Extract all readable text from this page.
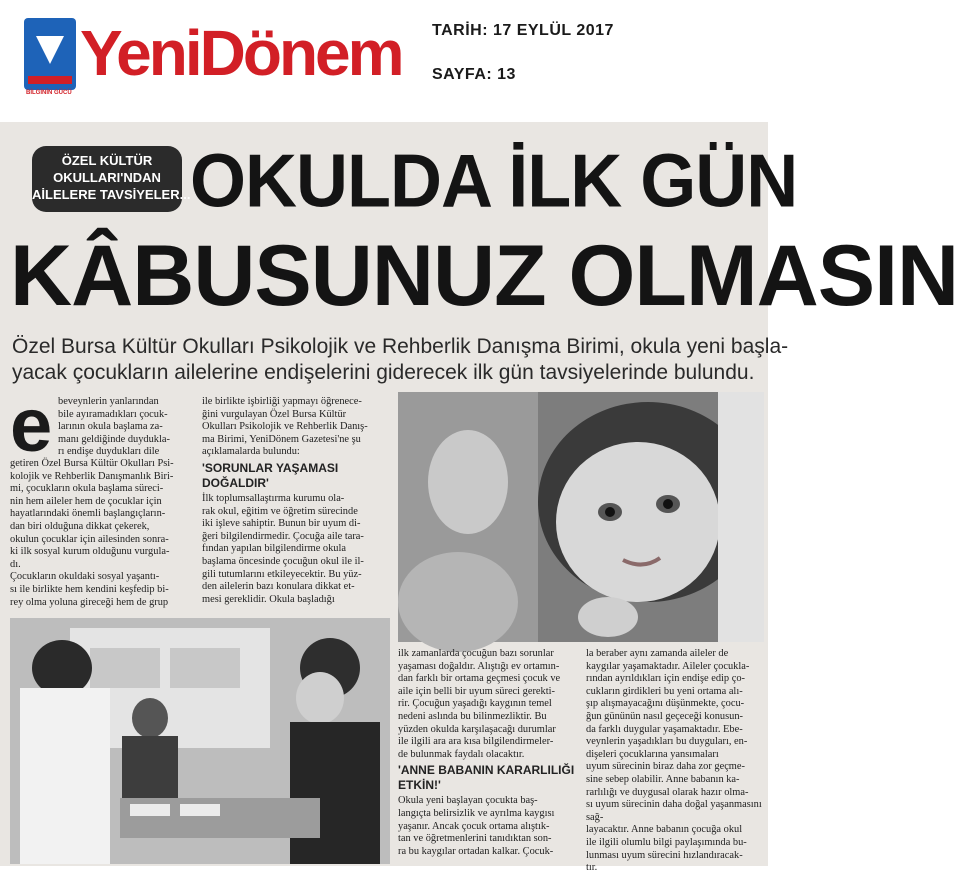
BİLGİNİN GÜCÜ
YeniDönem TARİH: 17 EYLÜL 2017
SAYFA: 13
ÖZEL KÜLTÜR
OKULLARI'NDAN
AİLELERE TAVSİYELER... OKULDA İLK GÜN
KÂBUSUNUZ OLMASIN
Özel Bursa Kültür Okulları Psikolojik ve Rehberlik Danışma Birimi, okula yeni başla-
yacak çocukların ailelerine endişelerini giderecek ilk gün tavsiyelerinde bulundu.
e beveynlerin yanlarından

bile ayıramadıkları çocuk-

larının okula başlama za-

manı geldiğinde duydukla-

rı endişe duydukları dile

getiren Özel Bursa Kültür Okulları Psi-

kolojik ve Rehberlik Danışmanlık Biri-

mi, çocukların okula başlama süreci-

nin hem aileler hem de çocuklar için

hayatlarındaki önemli başlangıçların-

dan biri olduğuna dikkat çekerek,

okulun çocuklar için ailesinden sonra-

ki ilk sosyal kurum olduğunu vurgula-

dı.

Çocukların okuldaki sosyal yaşantı-

sı ile birlikte hem kendini keşfedip bi-

rey olma yoluna gireceği hem de grup

ile birlikte işbirliği yapmayı öğrenece-

ğini vurgulayan Özel Bursa Kültür

Okulları Psikolojik ve Rehberlik Danış-

ma Birimi, YeniDönem Gazetesi'ne şu

açıklamalarda bulundu:

'SORUNLAR YAŞAMASI DOĞALDIR'

İlk toplumsallaştırma kurumu ola-

rak okul, eğitim ve öğretim sürecinde

iki işleve sahiptir. Bunun bir uyum di-

ğeri bilgilendirmedir. Çocuğa aile tara-

fından yapılan bilgilendirme okula

başlama öncesinde çocuğun okul ile il-

gili tutumlarını etkileyecektir. Bu yüz-

den ailelerin bazı konulara dikkat et-

mesi gereklidir. Okula başladığı

ilk zamanlarda çocuğun bazı sorunlar

yaşaması doğaldır. Alıştığı ev ortamın-

dan farklı bir ortama geçmesi çocuk ve

aile için belli bir uyum süreci gerekti-

rir. Çocuğun yaşadığı kaygının temel

nedeni aslında bu bilinmezliktir. Bu

yüzden okulda karşılaşacağı durumlar

ile ilgili ara ara kısa bilgilendirmeler-

de bulunmak faydalı olacaktır.

'ANNE BABANIN KARARLILIĞI ETKİN!'

Okula yeni başlayan çocukta baş-

langıçta belirsizlik ve ayrılma kaygısı

yaşanır. Ancak çocuk ortama alıştık-

tan ve öğretmenlerini tanıdıktan son-

ra bu kaygılar ortadan kalkar. Çocuk-

la beraber aynı zamanda aileler de

kaygılar yaşamaktadır. Aileler çocukla-

rından ayrıldıkları için endişe edip ço-

cukların girdikleri bu yeni ortama alı-

şıp alışmayacağını düşünmekte, çocu-

ğun gününün nasıl geçeceği konusun-

da farklı duygular yaşamaktadır. Ebe-

veynlerin yaşadıkları bu duyguları, en-

dişeleri çocuklarına yansımaları

uyum sürecinin biraz daha zor geçme-

sine sebep olabilir. Anne babanın ka-

rarlılığı ve duygusal olarak hazır olma-

sı uyum sürecinin daha doğal yaşanmasını sağ-

layacaktır. Anne babanın çocuğa okul

ile ilgili olumlu bilgi paylaşımında bu-

lunması uyum sürecini hızlandıracak-

tır.
